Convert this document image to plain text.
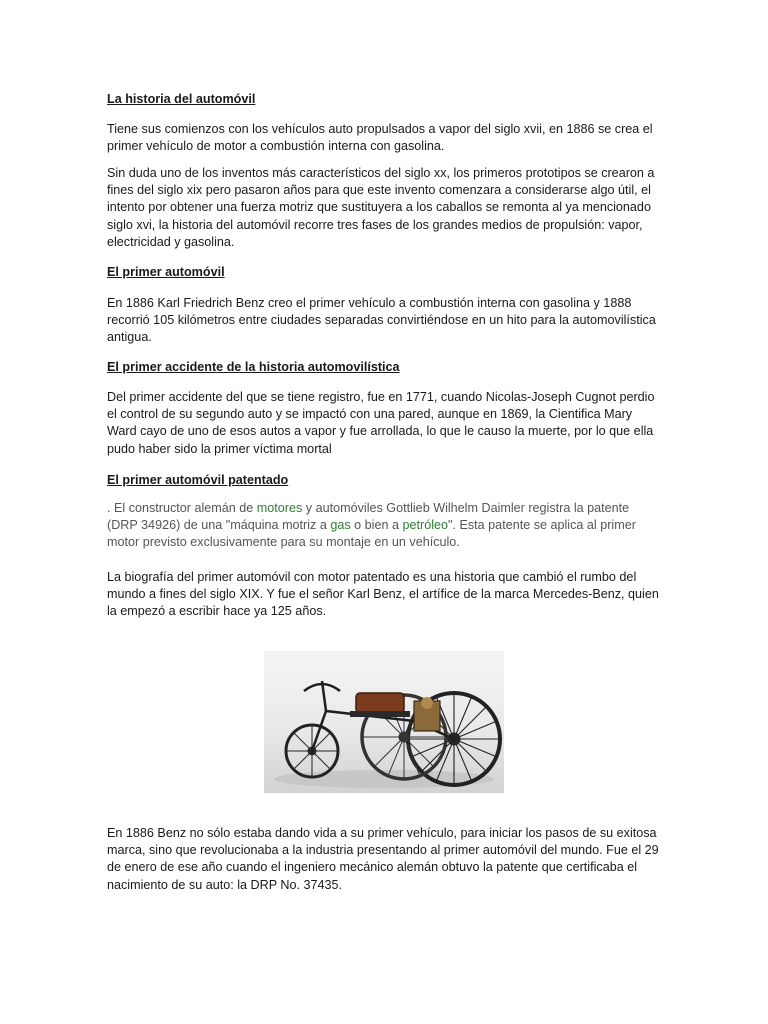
La historia del automóvil

Tiene sus comienzos con los vehículos auto propulsados a vapor del siglo xvii, en 1886 se crea el primer vehículo de motor a combustión interna con gasolina.

Sin duda uno de los inventos más característicos del siglo xx, los primeros prototipos se crearon a fines del siglo xix pero pasaron años para que este invento comenzara a considerarse algo útil, el intento por obtener una fuerza motriz que sustituyera a los caballos se remonta al ya mencionado siglo xvi, la historia del automóvil recorre tres fases de los grandes medios de propulsión: vapor, electricidad y gasolina.

El primer automóvil

En 1886 Karl Friedrich Benz creo el primer vehículo a combustión interna con gasolina y 1888 recorrió 105 kilómetros entre ciudades separadas convirtiéndose en un hito para la automovilística antigua.

El primer accidente de la historia automovilística

Del primer accidente del que se tiene registro, fue en 1771, cuando Nicolas-Joseph Cugnot perdio el control de su segundo auto y se impactó con una pared, aunque en 1869, la Cientifica Mary Ward cayo de uno de esos autos a vapor y fue arrollada, lo que le causo la muerte, por lo que ella pudo haber sido la primer víctima mortal

El primer automóvil patentado

. El constructor alemán de motores y automóviles Gottlieb Wilhelm Daimler registra la patente (DRP 34926) de una "máquina motriz a gas o bien a petróleo". Esta patente se aplica al primer motor previsto exclusivamente para su montaje en un vehículo.

La biografía del primer automóvil con motor patentado es una historia que cambió el rumbo del mundo a fines del siglo XIX. Y fue el señor Karl Benz, el artífice de la marca Mercedes-Benz, quien la empezó a escribir hace ya 125 años.

En 1886 Benz no sólo estaba dando vida a su primer vehículo, para iniciar los pasos de su exitosa marca, sino que revolucionaba a la industria presentando al primer automóvil del mundo. Fue el 29 de enero de ese año cuando el ingeniero mecánico alemán obtuvo la patente que certificaba el nacimiento de su auto: la DRP No. 37435.
